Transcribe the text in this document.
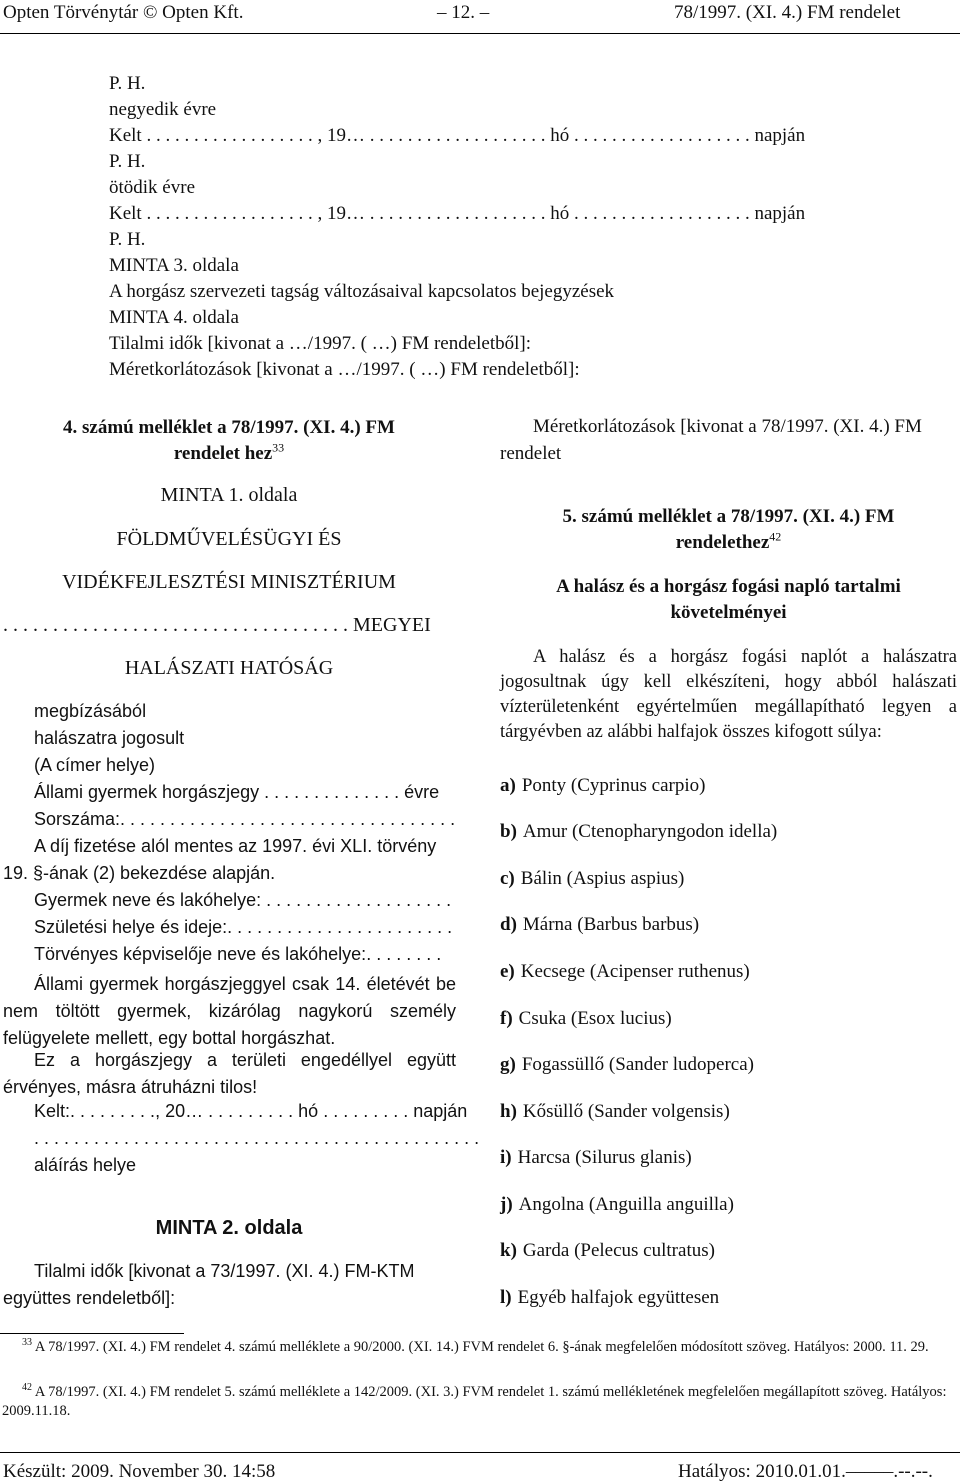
Opten Törvénytár © Opten Kft.	– 12. –	78/1997. (XI. 4.) FM rendelet
P. H.
negyedik évre
Kelt . . . . . . . . . . . . . . . . . . , 19… . . . . . . . . . . . . . . . . . . . hó . . . . . . . . . . . . . . . . . . . napján
P. H.
ötödik évre
Kelt . . . . . . . . . . . . . . . . . . , 19… . . . . . . . . . . . . . . . . . . . hó . . . . . . . . . . . . . . . . . . . napján
P. H.
MINTA 3. oldala
A horgász szervezeti tagság változásaival kapcsolatos bejegyzések
MINTA 4. oldala
Tilalmi idők [kivonat a …/1997. ( …) FM rendeletből]:
Méretkorlátozások [kivonat a …/1997. ( …) FM rendeletből]:
4. számú melléklet a 78/1997. (XI. 4.) FM
rendelet hez$^{33}$
MINTA 1. oldala
FÖLDMŰVELÉSÜGYI ÉS
VIDÉKFEJLESZTÉSI MINISZTÉRIUM
. . . . . . . . . . . . . . . . . . . . . . . . . . . . . . . . . . . MEGYEI
HALÁSZATI HATÓSÁG
megbízásából
halászatra jogosult
(A címer helye)
Állami gyermek horgászjegy . . . . . . . . . . . . . . évre
Sorszáma:. . . . . . . . . . . . . . . . . . . . . . . . . . . . . . . . . .
A díj fizetése alól mentes az 1997. évi XLI. törvény
19. §-ának (2) bekezdése alapján.
Gyermek neve és lakóhelye: . . . . . . . . . . . . . . . . . . .
Születési helye és ideje:. . . . . . . . . . . . . . . . . . . . . . .
Törvényes képviselője neve és lakóhelye:. . . . . . . .
Állami gyermek horgászjeggyel csak 14. életévét be nem töltött gyermek, kizárólag nagykorú személy felügyelete mellett, egy bottal horgászhat.
Ez a horgászjegy a területi engedéllyel együtt érvényes, másra átruházni tilos!
Kelt:. . . . . . . . ., 20… . . . . . . . . . hó . . . . . . . . . napján
. . . . . . . . . . . . . . . . . . . . . . . . . . . . . . . . . . . . . . . . . . . . .
aláírás helye
MINTA 2. oldala
Tilalmi idők [kivonat a 73/1997. (XI. 4.) FM-KTM
együttes rendeletből]:
Méretkorlátozások [kivonat a 78/1997. (XI. 4.) FM
rendelet
5. számú melléklet a 78/1997. (XI. 4.) FM
rendelethez$^{42}$
A halász és a horgász fogási napló tartalmi
követelményei
A halász és a horgász fogási naplót a halászatra jogosultnak úgy kell elkészíteni, hogy abból halászati vízterületenként egyértelműen megállapítható legyen a tárgyévben az alábbi halfajok összes kifogott súlya:
a) Ponty (Cyprinus carpio)
b) Amur (Ctenopharyngodon idella)
c) Bálin (Aspius aspius)
d) Márna (Barbus barbus)
e) Kecsege (Acipenser ruthenus)
f) Csuka (Esox lucius)
g) Fogassüllő (Sander ludoperca)
h) Kősüllő (Sander volgensis)
i) Harcsa (Silurus glanis)
j) Angolna (Anguilla anguilla)
k) Garda (Pelecus cultratus)
l) Egyéb halfajok együttesen
$^{33}$ A 78/1997. (XI. 4.) FM rendelet 4. számú melléklete a 90/2000. (XI. 14.) FVM rendelet 6. §-ának megfelelően módosított szöveg. Hatályos: 2000. 11. 29.
$^{42}$ A 78/1997. (XI. 4.) FM rendelet 5. számú melléklete a 142/2009. (XI. 3.) FVM rendelet 1. számú mellékletének megfelelően megállapított szöveg. Hatályos: 2009.11.18.
Készült: 2009. November 30. 14:58	Hatályos: 2010.01.01.–––––.--.--.
